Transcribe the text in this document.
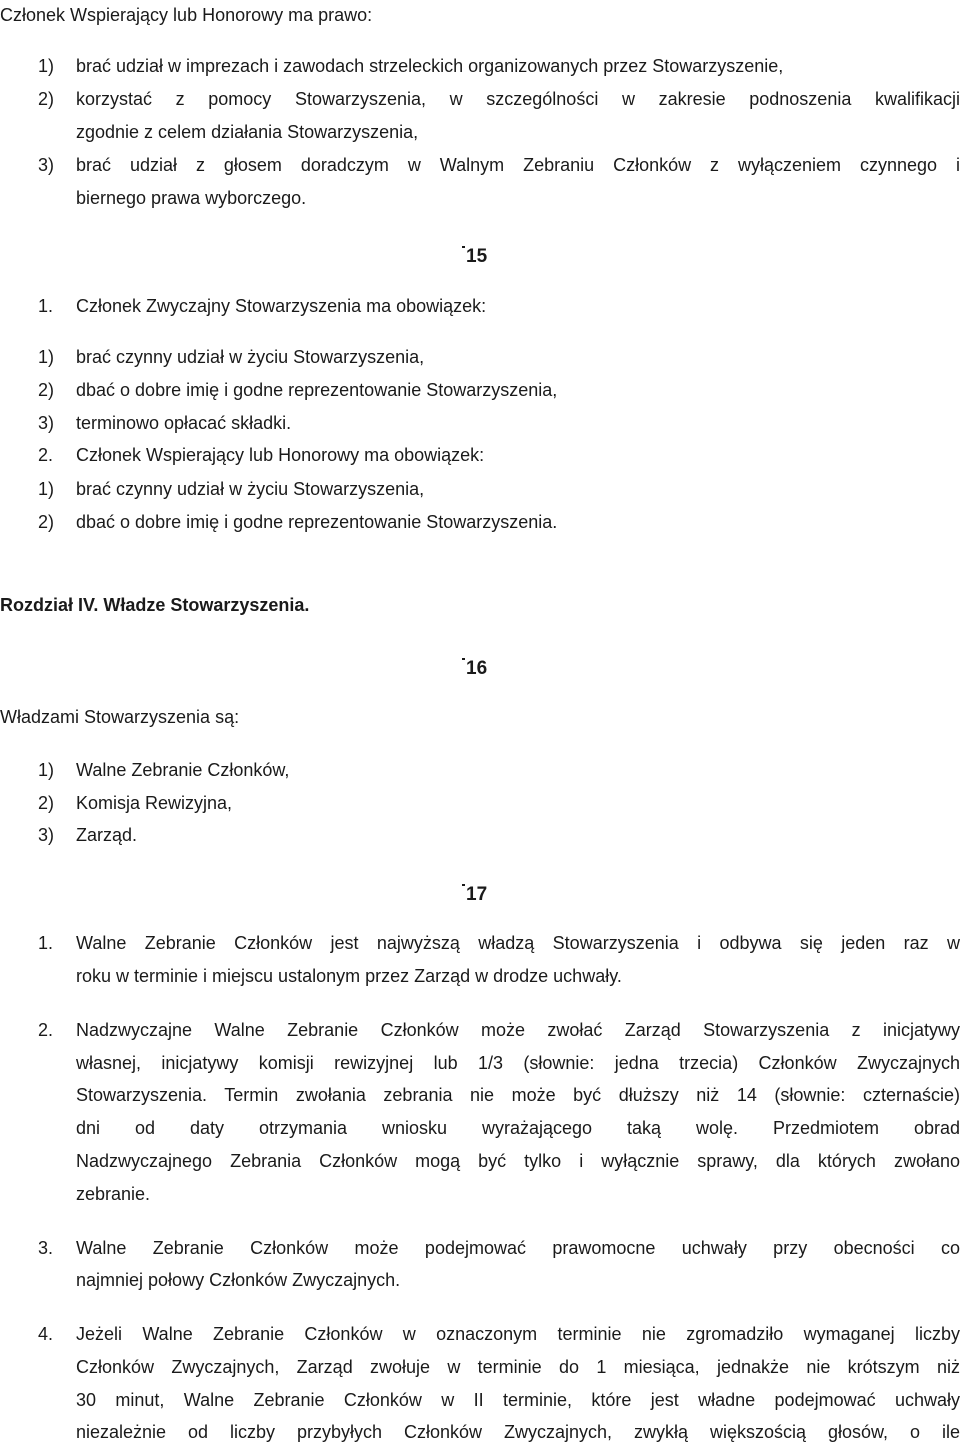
Członek Wspierający lub Honorowy ma prawo:
1) brać udział w imprezach i zawodach strzeleckich organizowanych przez Stowarzyszenie,
2) korzystać z pomocy Stowarzyszenia, w szczególności w zakresie podnoszenia kwalifikacji
zgodnie z celem działania Stowarzyszenia,
3) brać udział z głosem doradczym w Walnym Zebraniu Członków z wyłączeniem czynnego i
biernego prawa wyborczego.
15
1. Członek Zwyczajny Stowarzyszenia ma obowiązek:
1) brać czynny udział w życiu Stowarzyszenia,
2) dbać o dobre imię i godne reprezentowanie Stowarzyszenia,
3) terminowo opłacać składki.
2. Członek Wspierający lub Honorowy ma obowiązek:
1) brać czynny udział w życiu Stowarzyszenia,
2) dbać o dobre imię i godne reprezentowanie Stowarzyszenia.
Rozdział IV. Władze Stowarzyszenia.
16
Władzami Stowarzyszenia są:
1) Walne Zebranie Członków,
2) Komisja Rewizyjna,
3) Zarząd.
17
1. Walne Zebranie Członków jest najwyższą władzą Stowarzyszenia i odbywa się jeden raz w
roku w terminie i miejscu ustalonym przez Zarząd w drodze uchwały.
2. Nadzwyczajne Walne Zebranie Członków może zwołać Zarząd Stowarzyszenia z inicjatywy
własnej, inicjatywy komisji rewizyjnej lub 1/3 (słownie: jedna trzecia) Członków Zwyczajnych
Stowarzyszenia. Termin zwołania zebrania nie może być dłuższy niż 14 (słownie: czternaście)
dni od daty otrzymania wniosku wyrażającego taką wolę. Przedmiotem obrad
Nadzwyczajnego Zebrania Członków mogą być tylko i wyłącznie sprawy, dla których zwołano
zebranie.
3. Walne Zebranie Członków może podejmować prawomocne uchwały przy obecności co
najmniej połowy Członków Zwyczajnych.
4. Jeżeli Walne Zebranie Członków w oznaczonym terminie nie zgromadziło wymaganej liczby
Członków Zwyczajnych, Zarząd zwołuje w terminie do 1 miesiąca, jednakże nie krótszym niż
30 minut, Walne Zebranie Członków w II terminie, które jest władne podejmować uchwały
niezależnie od liczby przybyłych Członków Zwyczajnych, zwykłą większością głosów, o ile
